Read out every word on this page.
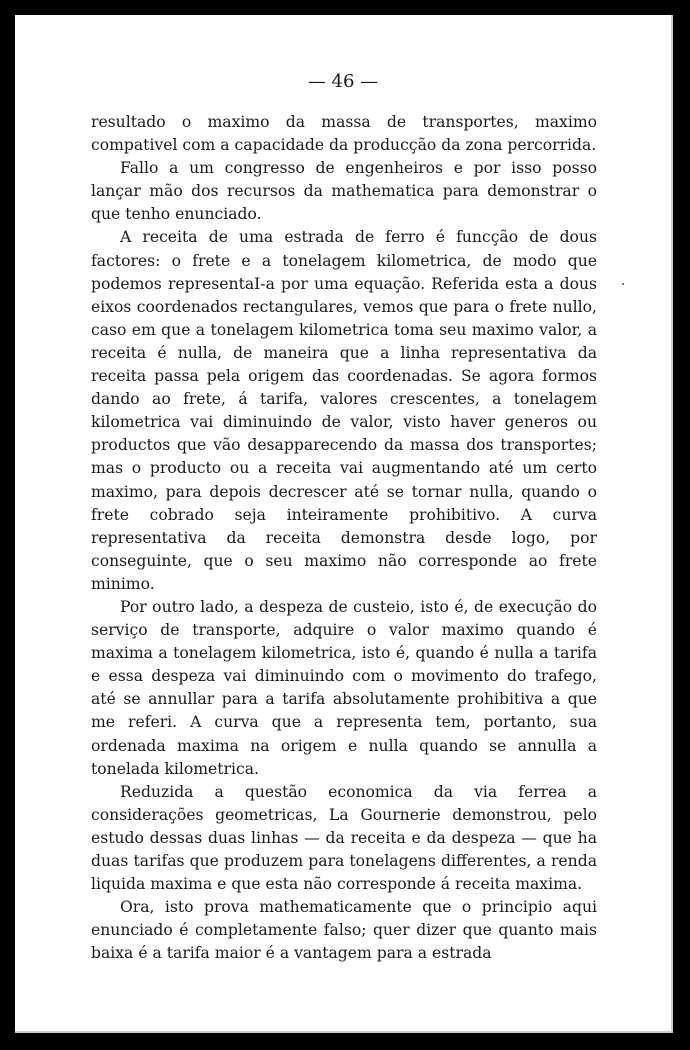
— 46 —

resultado o maximo da massa de transportes, maximo compativel com a capacidade da producção da zona percorrida.

Fallo a um congresso de engenheiros e por isso posso lançar mão dos recursos da mathematica para demonstrar o que tenho enunciado.

A receita de uma estrada de ferro é funcção de dous factores: o frete e a tonelagem kilometrica, de modo que podemos representaI-a por uma equação. Referida esta a dous eixos coordenados rectangulares, vemos que para o frete nullo, caso em que a tonelagem kilometrica toma seu maximo valor, a receita é nulla, de maneira que a linha representativa da receita passa pela origem das coordenadas. Se agora formos dando ao frete, á tarifa, valores crescentes, a tonelagem kilometrica vai diminuindo de valor, visto haver generos ou productos que vão desapparecendo da massa dos transportes; mas o producto ou a receita vai augmentando até um certo maximo, para depois decrescer até se tornar nulla, quando o frete cobrado seja inteiramente prohibitivo. A curva representativa da receita demonstra desde logo, por conseguinte, que o seu maximo não corresponde ao frete minimo.

Por outro lado, a despeza de custeio, isto é, de execução do serviço de transporte, adquire o valor maximo quando é maxima a tonelagem kilometrica, isto é, quando é nulla a tarifa e essa despeza vai diminuindo com o movimento do trafego, até se annullar para a tarifa absolutamente prohibitiva a que me referi. A curva que a representa tem, portanto, sua ordenada maxima na origem e nulla quando se annulla a tonelada kilometrica.

Reduzida a questão economica da via ferrea a considerações geometricas, La Gournerie demonstrou, pelo estudo dessas duas linhas — da receita e da despeza — que ha duas tarifas que produzem para tonelagens differentes, a renda liquida maxima e que esta não corresponde á receita maxima.

Ora, isto prova mathematicamente que o principio aqui enunciado é completamente falso; quer dizer que quanto mais baixa é a tarifa maior é a vantagem para a estrada
